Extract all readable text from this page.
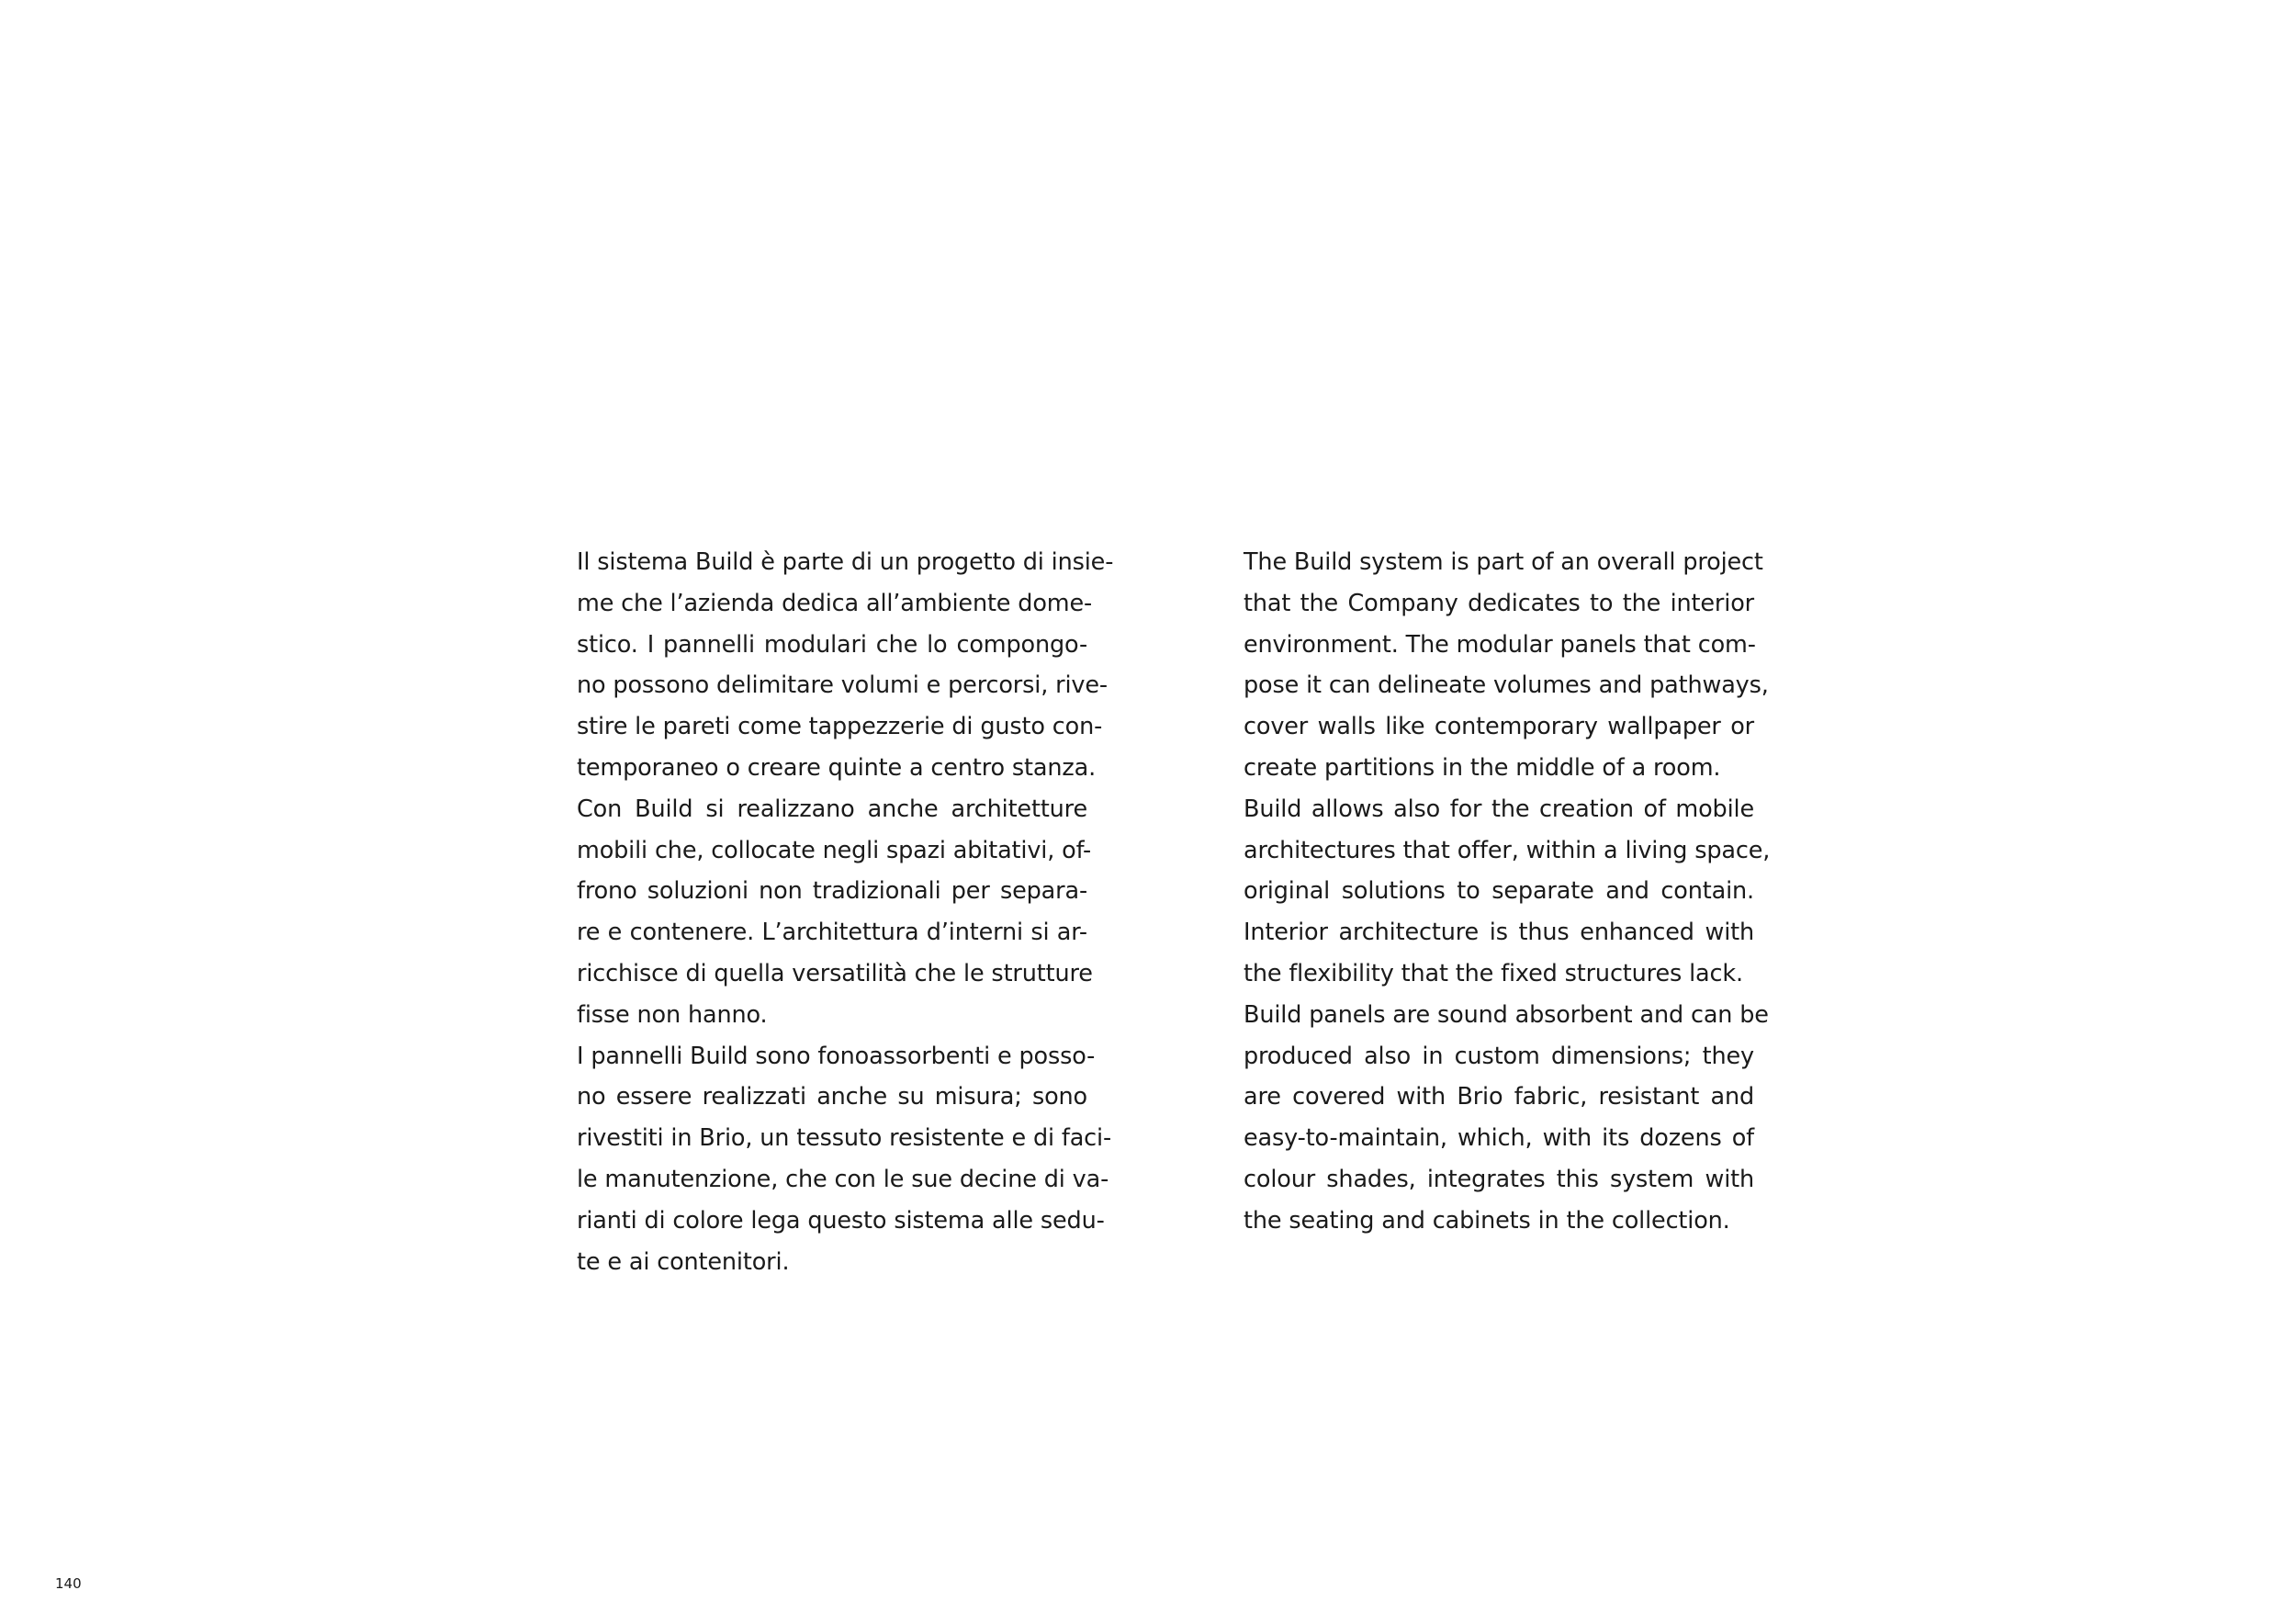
Il sistema Build è parte di un progetto di insie-
me che l’azienda dedica all’ambiente dome-
stico. I pannelli modulari che lo compongo-
no possono delimitare volumi e percorsi, rive-
stire le pareti come tappezzerie di gusto con-
temporaneo o creare quinte a centro stanza.
Con Build si realizzano anche architetture
mobili che, collocate negli spazi abitativi, of-
frono soluzioni non tradizionali per separa-
re e contenere. L’architettura d’interni si ar-
ricchisce di quella versatilità che le strutture
fisse non hanno.
I pannelli Build sono fonoassorbenti e posso-
no essere realizzati anche su misura; sono
rivestiti in Brio, un tessuto resistente e di faci-
le manutenzione, che con le sue decine di va-
rianti di colore lega questo sistema alle sedu-
te e ai contenitori.
The Build system is part of an overall project
that the Company dedicates to the interior
environment. The modular panels that com-
pose it can delineate volumes and pathways,
cover walls like contemporary wallpaper or
create partitions in the middle of a room.
Build allows also for the creation of mobile
architectures that offer, within a living space,
original solutions to separate and contain.
Interior architecture is thus enhanced with
the flexibility that the fixed structures lack.
Build panels are sound absorbent and can be
produced also in custom dimensions; they
are covered with Brio fabric, resistant and
easy-to-maintain, which, with its dozens of
colour shades, integrates this system with
the seating and cabinets in the collection.
140
